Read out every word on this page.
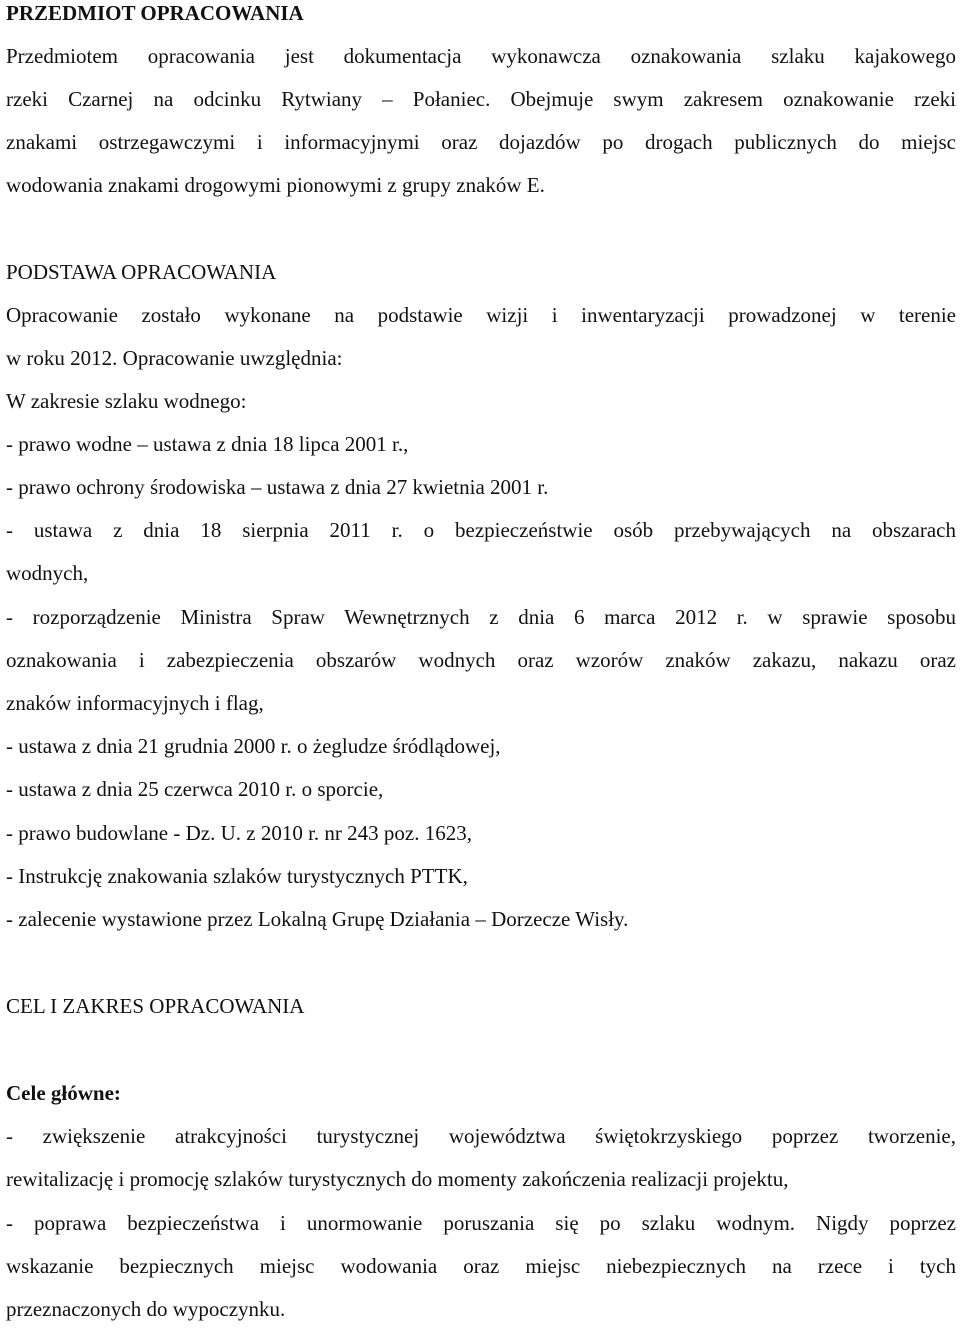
PRZEDMIOT OPRACOWANIA
Przedmiotem opracowania jest dokumentacja wykonawcza oznakowania szlaku kajakowego
rzeki Czarnej na odcinku Rytwiany – Połaniec. Obejmuje swym zakresem oznakowanie rzeki
znakami ostrzegawczymi i informacyjnymi oraz dojazdów po drogach publicznych do miejsc
wodowania znakami drogowymi pionowymi z grupy znaków E.
PODSTAWA OPRACOWANIA
Opracowanie zostało wykonane na podstawie wizji i inwentaryzacji prowadzonej w terenie
w roku 2012. Opracowanie uwzględnia:
W zakresie szlaku wodnego:
- prawo wodne – ustawa z dnia 18 lipca 2001 r.,
- prawo ochrony środowiska – ustawa z dnia 27 kwietnia 2001 r.
- ustawa z dnia 18 sierpnia 2011 r. o bezpieczeństwie osób przebywających na obszarach
wodnych,
- rozporządzenie Ministra Spraw Wewnętrznych z dnia 6 marca 2012 r. w sprawie sposobu
oznakowania i zabezpieczenia obszarów wodnych oraz wzorów znaków zakazu, nakazu oraz
znaków informacyjnych i flag,
- ustawa z dnia 21 grudnia 2000 r. o żegludze śródlądowej,
- ustawa z dnia 25 czerwca 2010 r. o sporcie,
- prawo budowlane - Dz. U. z 2010 r. nr 243 poz. 1623,
- Instrukcję znakowania szlaków turystycznych PTTK,
- zalecenie wystawione przez Lokalną Grupę Działania – Dorzecze Wisły.
CEL I ZAKRES OPRACOWANIA
Cele główne:
- zwiększenie atrakcyjności turystycznej województwa świętokrzyskiego poprzez tworzenie,
rewitalizację i promocję szlaków turystycznych do momenty zakończenia realizacji projektu,
- poprawa bezpieczeństwa i unormowanie poruszania się po szlaku wodnym. Nigdy poprzez
wskazanie bezpiecznych miejsc wodowania oraz miejsc niebezpiecznych na rzece i tych
przeznaczonych do wypoczynku.
